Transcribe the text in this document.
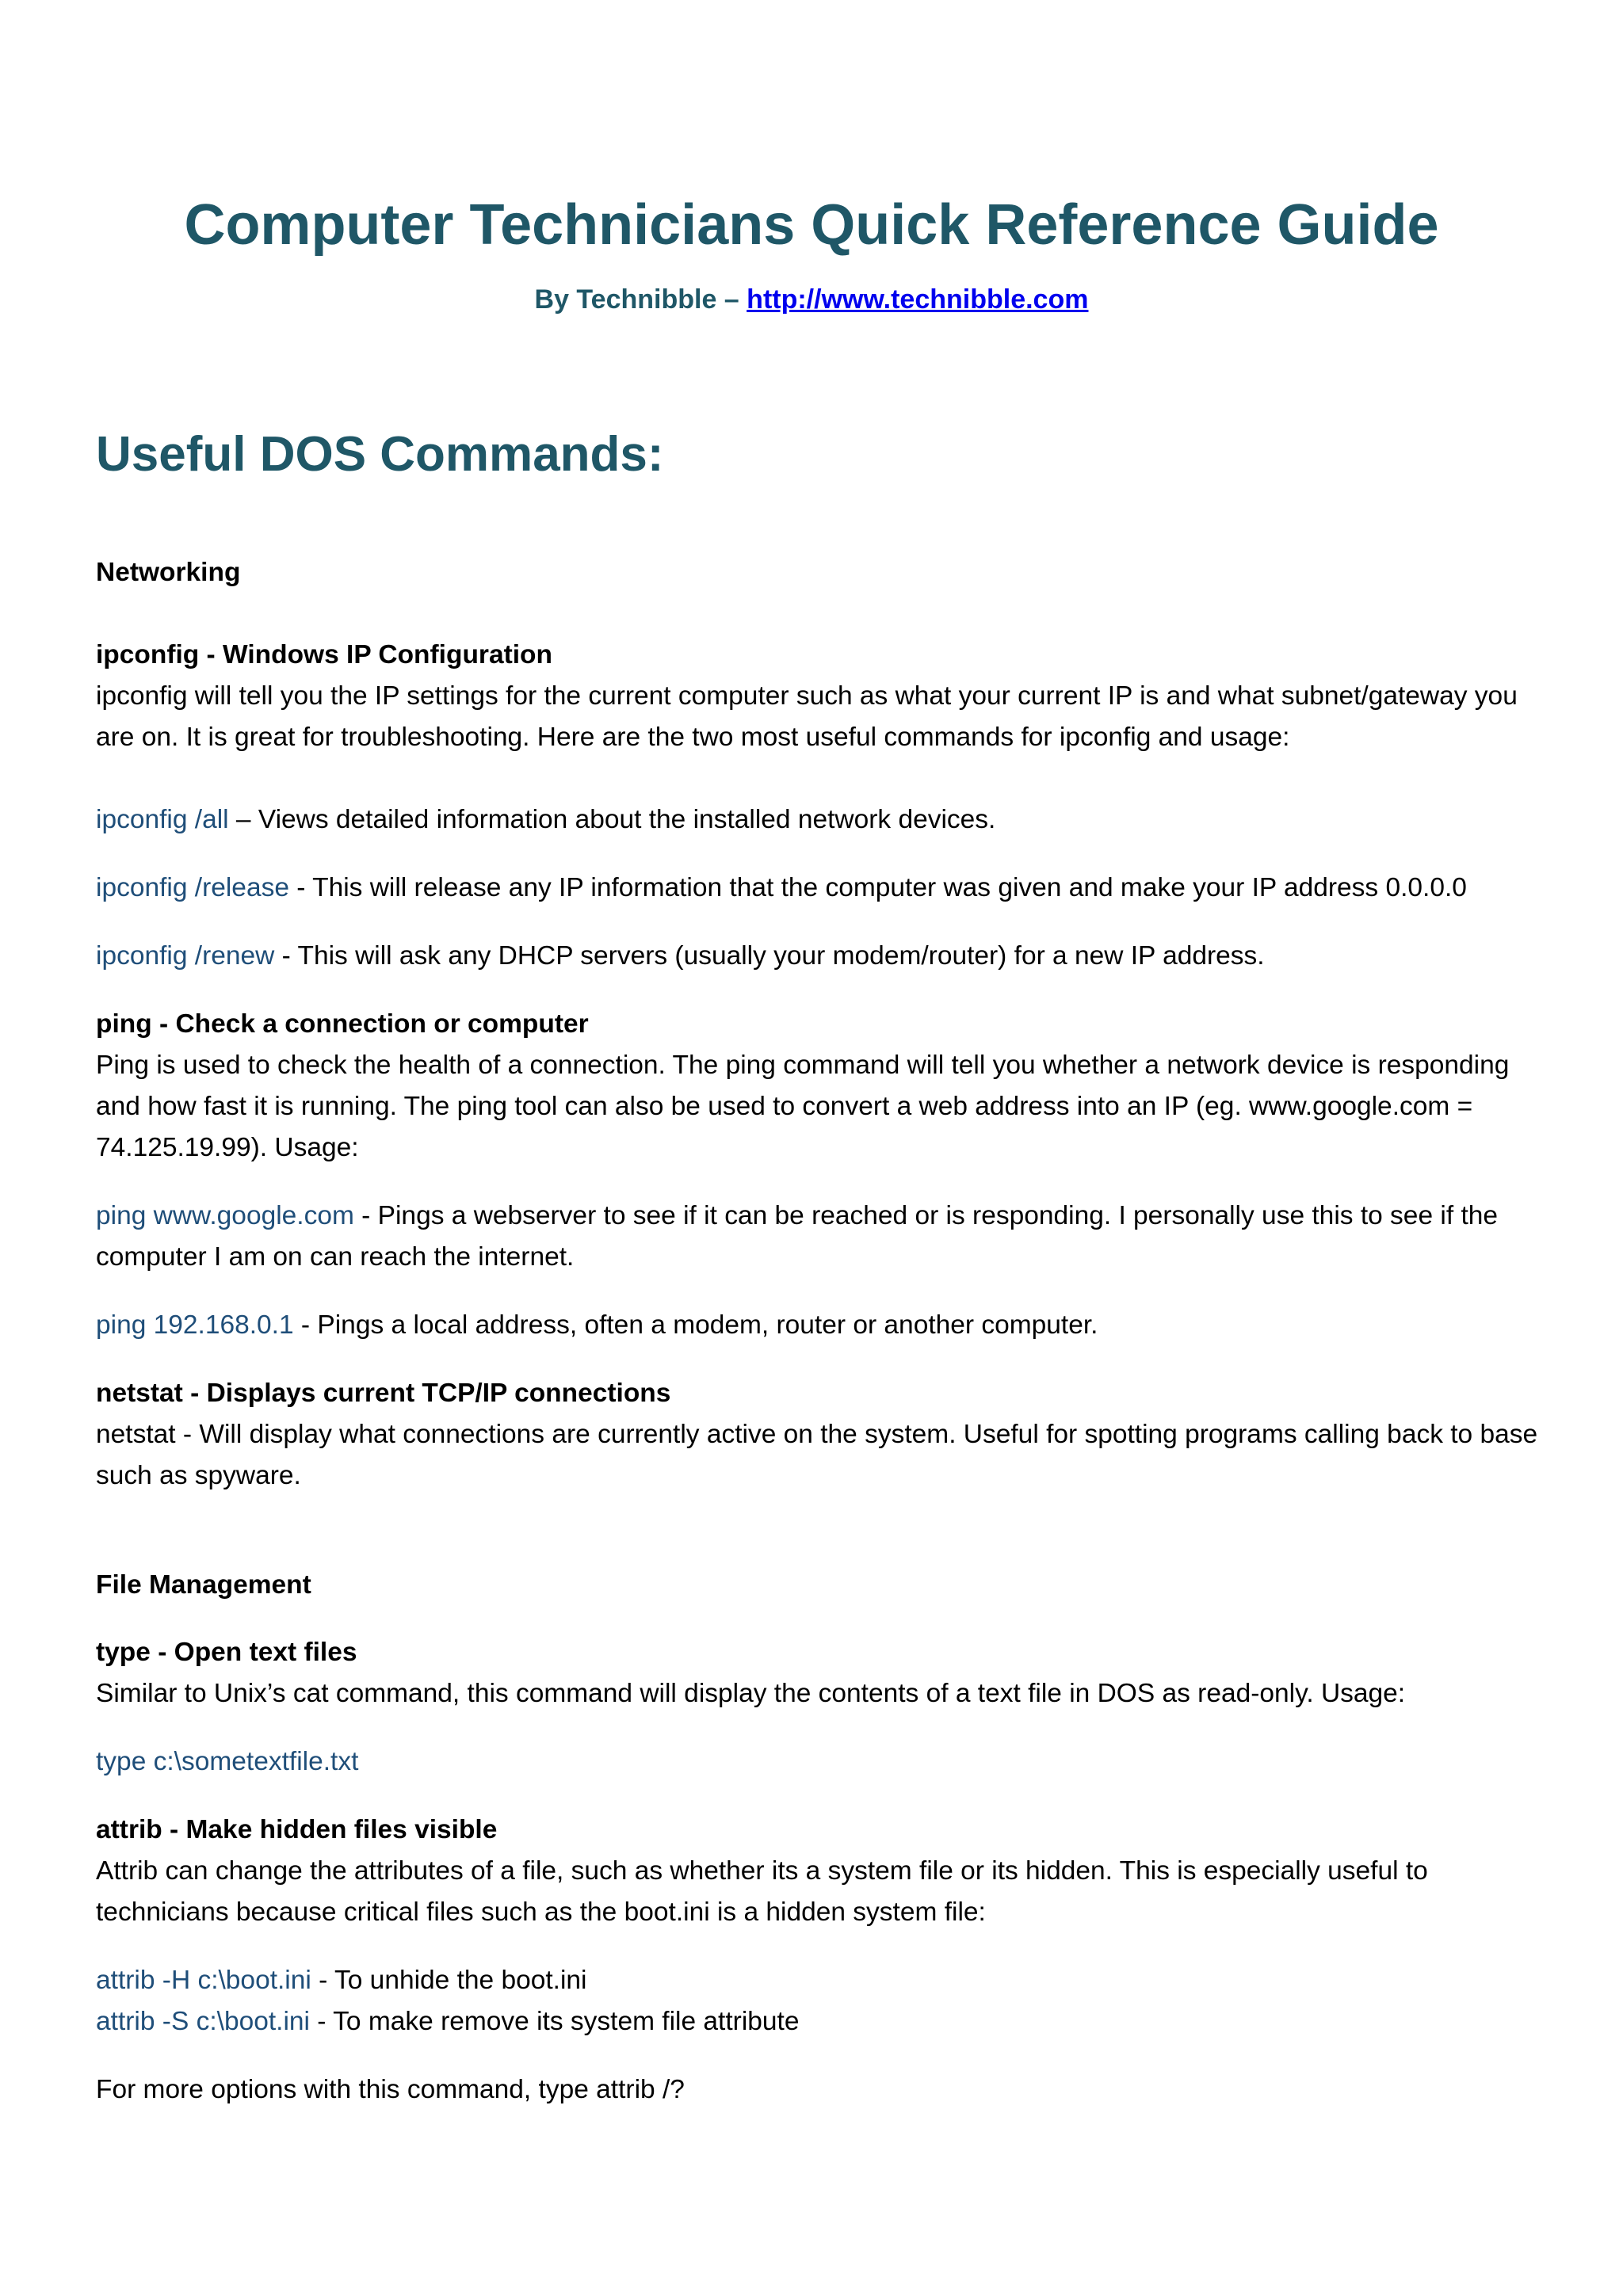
Computer Technicians Quick Reference Guide
By Technibble – http://www.technibble.com
Useful DOS Commands:

Networking

ipconfig - Windows IP Configuration

ipconfig will tell you the IP settings for the current computer such as what your current IP is and what subnet/gateway you are on. It is great for troubleshooting. Here are the two most useful commands for ipconfig and usage:

ipconfig /all – Views detailed information about the installed network devices.

ipconfig /release - This will release any IP information that the computer was given and make your IP address 0.0.0.0

ipconfig /renew - This will ask any DHCP servers (usually your modem/router) for a new IP address.

ping - Check a connection or computer

Ping is used to check the health of a connection. The ping command will tell you whether a network device is responding and how fast it is running. The ping tool can also be used to convert a web address into an IP (eg. www.google.com = 74.125.19.99). Usage:

ping www.google.com - Pings a webserver to see if it can be reached or is responding. I personally use this to see if the computer I am on can reach the internet.

ping 192.168.0.1 - Pings a local address, often a modem, router or another computer.

netstat - Displays current TCP/IP connections

netstat - Will display what connections are currently active on the system. Useful for spotting programs calling back to base such as spyware.

File Management

type - Open text files

Similar to Unix’s cat command, this command will display the contents of a text file in DOS as read-only. Usage:

type c:\sometextfile.txt

attrib - Make hidden files visible

Attrib can change the attributes of a file, such as whether its a system file or its hidden. This is especially useful to technicians because critical files such as the boot.ini is a hidden system file:

attrib -H c:\boot.ini - To unhide the boot.ini

attrib -S c:\boot.ini - To make remove its system file attribute

For more options with this command, type attrib /?
